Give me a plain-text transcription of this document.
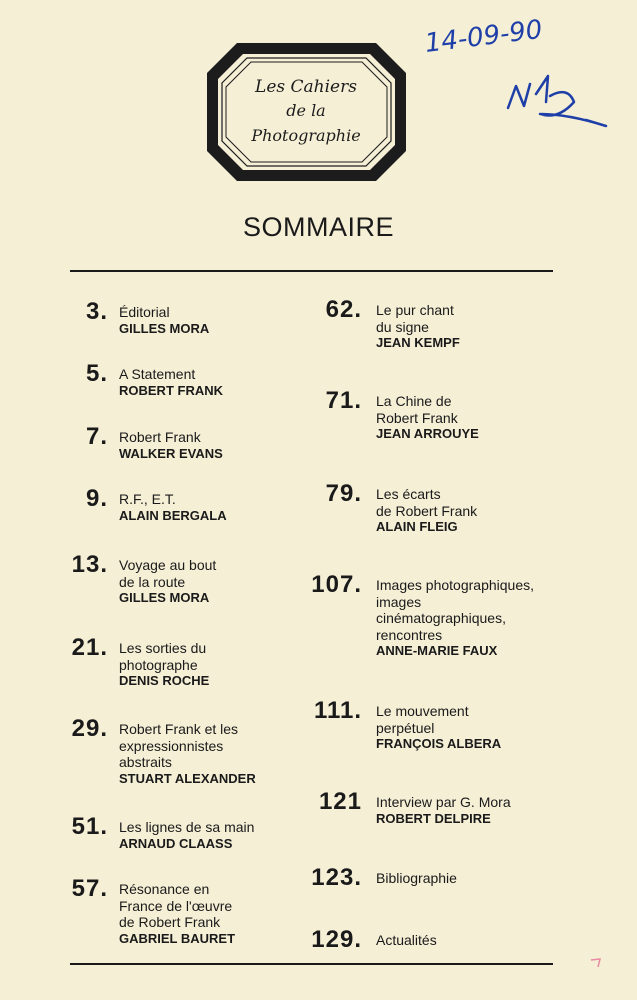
Les Cahiers
de la
Photographie
14-09-90
SOMMAIRE
3. Éditorial
GILLES MORA
5. A Statement
ROBERT FRANK
7. Robert Frank
WALKER EVANS
9. R.F., E.T.
ALAIN BERGALA
13. Voyage au bout
de la route
GILLES MORA
21. Les sorties du
photographe
DENIS ROCHE
29. Robert Frank et les
expressionnistes
abstraits
STUART ALEXANDER
51. Les lignes de sa main
ARNAUD CLAASS
57. Résonance en
France de l'œuvre
de Robert Frank
GABRIEL BAURET
62. Le pur chant
du signe
JEAN KEMPF
71. La Chine de
Robert Frank
JEAN ARROUYE
79. Les écarts
de Robert Frank
ALAIN FLEIG
107. Images photographiques,
images
cinématographiques,
rencontres
ANNE-MARIE FAUX
111. Le mouvement
perpétuel
FRANÇOIS ALBERA
121 Interview par G. Mora
ROBERT DELPIRE
123. Bibliographie
129. Actualités
